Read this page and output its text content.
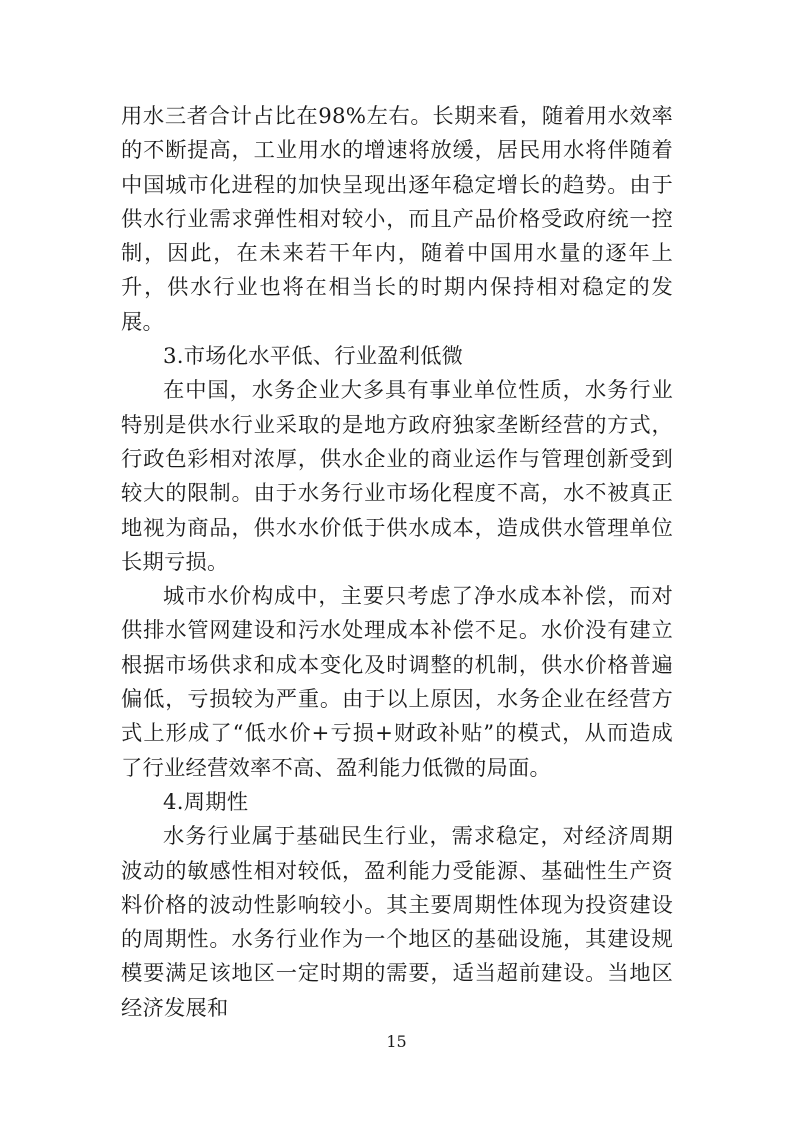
用水三者合计占比在98%左右。长期来看，随着用水效率的不断提高，工业用水的增速将放缓，居民用水将伴随着中国城市化进程的加快呈现出逐年稳定增长的趋势。由于供水行业需求弹性相对较小，而且产品价格受政府统一控制，因此，在未来若干年内，随着中国用水量的逐年上升，供水行业也将在相当长的时期内保持相对稳定的发展。

3.市场化水平低、行业盈利低微

在中国，水务企业大多具有事业单位性质，水务行业特别是供水行业采取的是地方政府独家垄断经营的方式，行政色彩相对浓厚，供水企业的商业运作与管理创新受到较大的限制。由于水务行业市场化程度不高，水不被真正地视为商品，供水水价低于供水成本，造成供水管理单位长期亏损。

城市水价构成中，主要只考虑了净水成本补偿，而对供排水管网建设和污水处理成本补偿不足。水价没有建立根据市场供求和成本变化及时调整的机制，供水价格普遍偏低，亏损较为严重。由于以上原因，水务企业在经营方式上形成了“低水价+亏损+财政补贴”的模式，从而造成了行业经营效率不高、盈利能力低微的局面。

4.周期性

水务行业属于基础民生行业，需求稳定，对经济周期波动的敏感性相对较低，盈利能力受能源、基础性生产资料价格的波动性影响较小。其主要周期性体现为投资建设的周期性。水务行业作为一个地区的基础设施，其建设规模要满足该地区一定时期的需要，适当超前建设。当地区经济发展和

15
